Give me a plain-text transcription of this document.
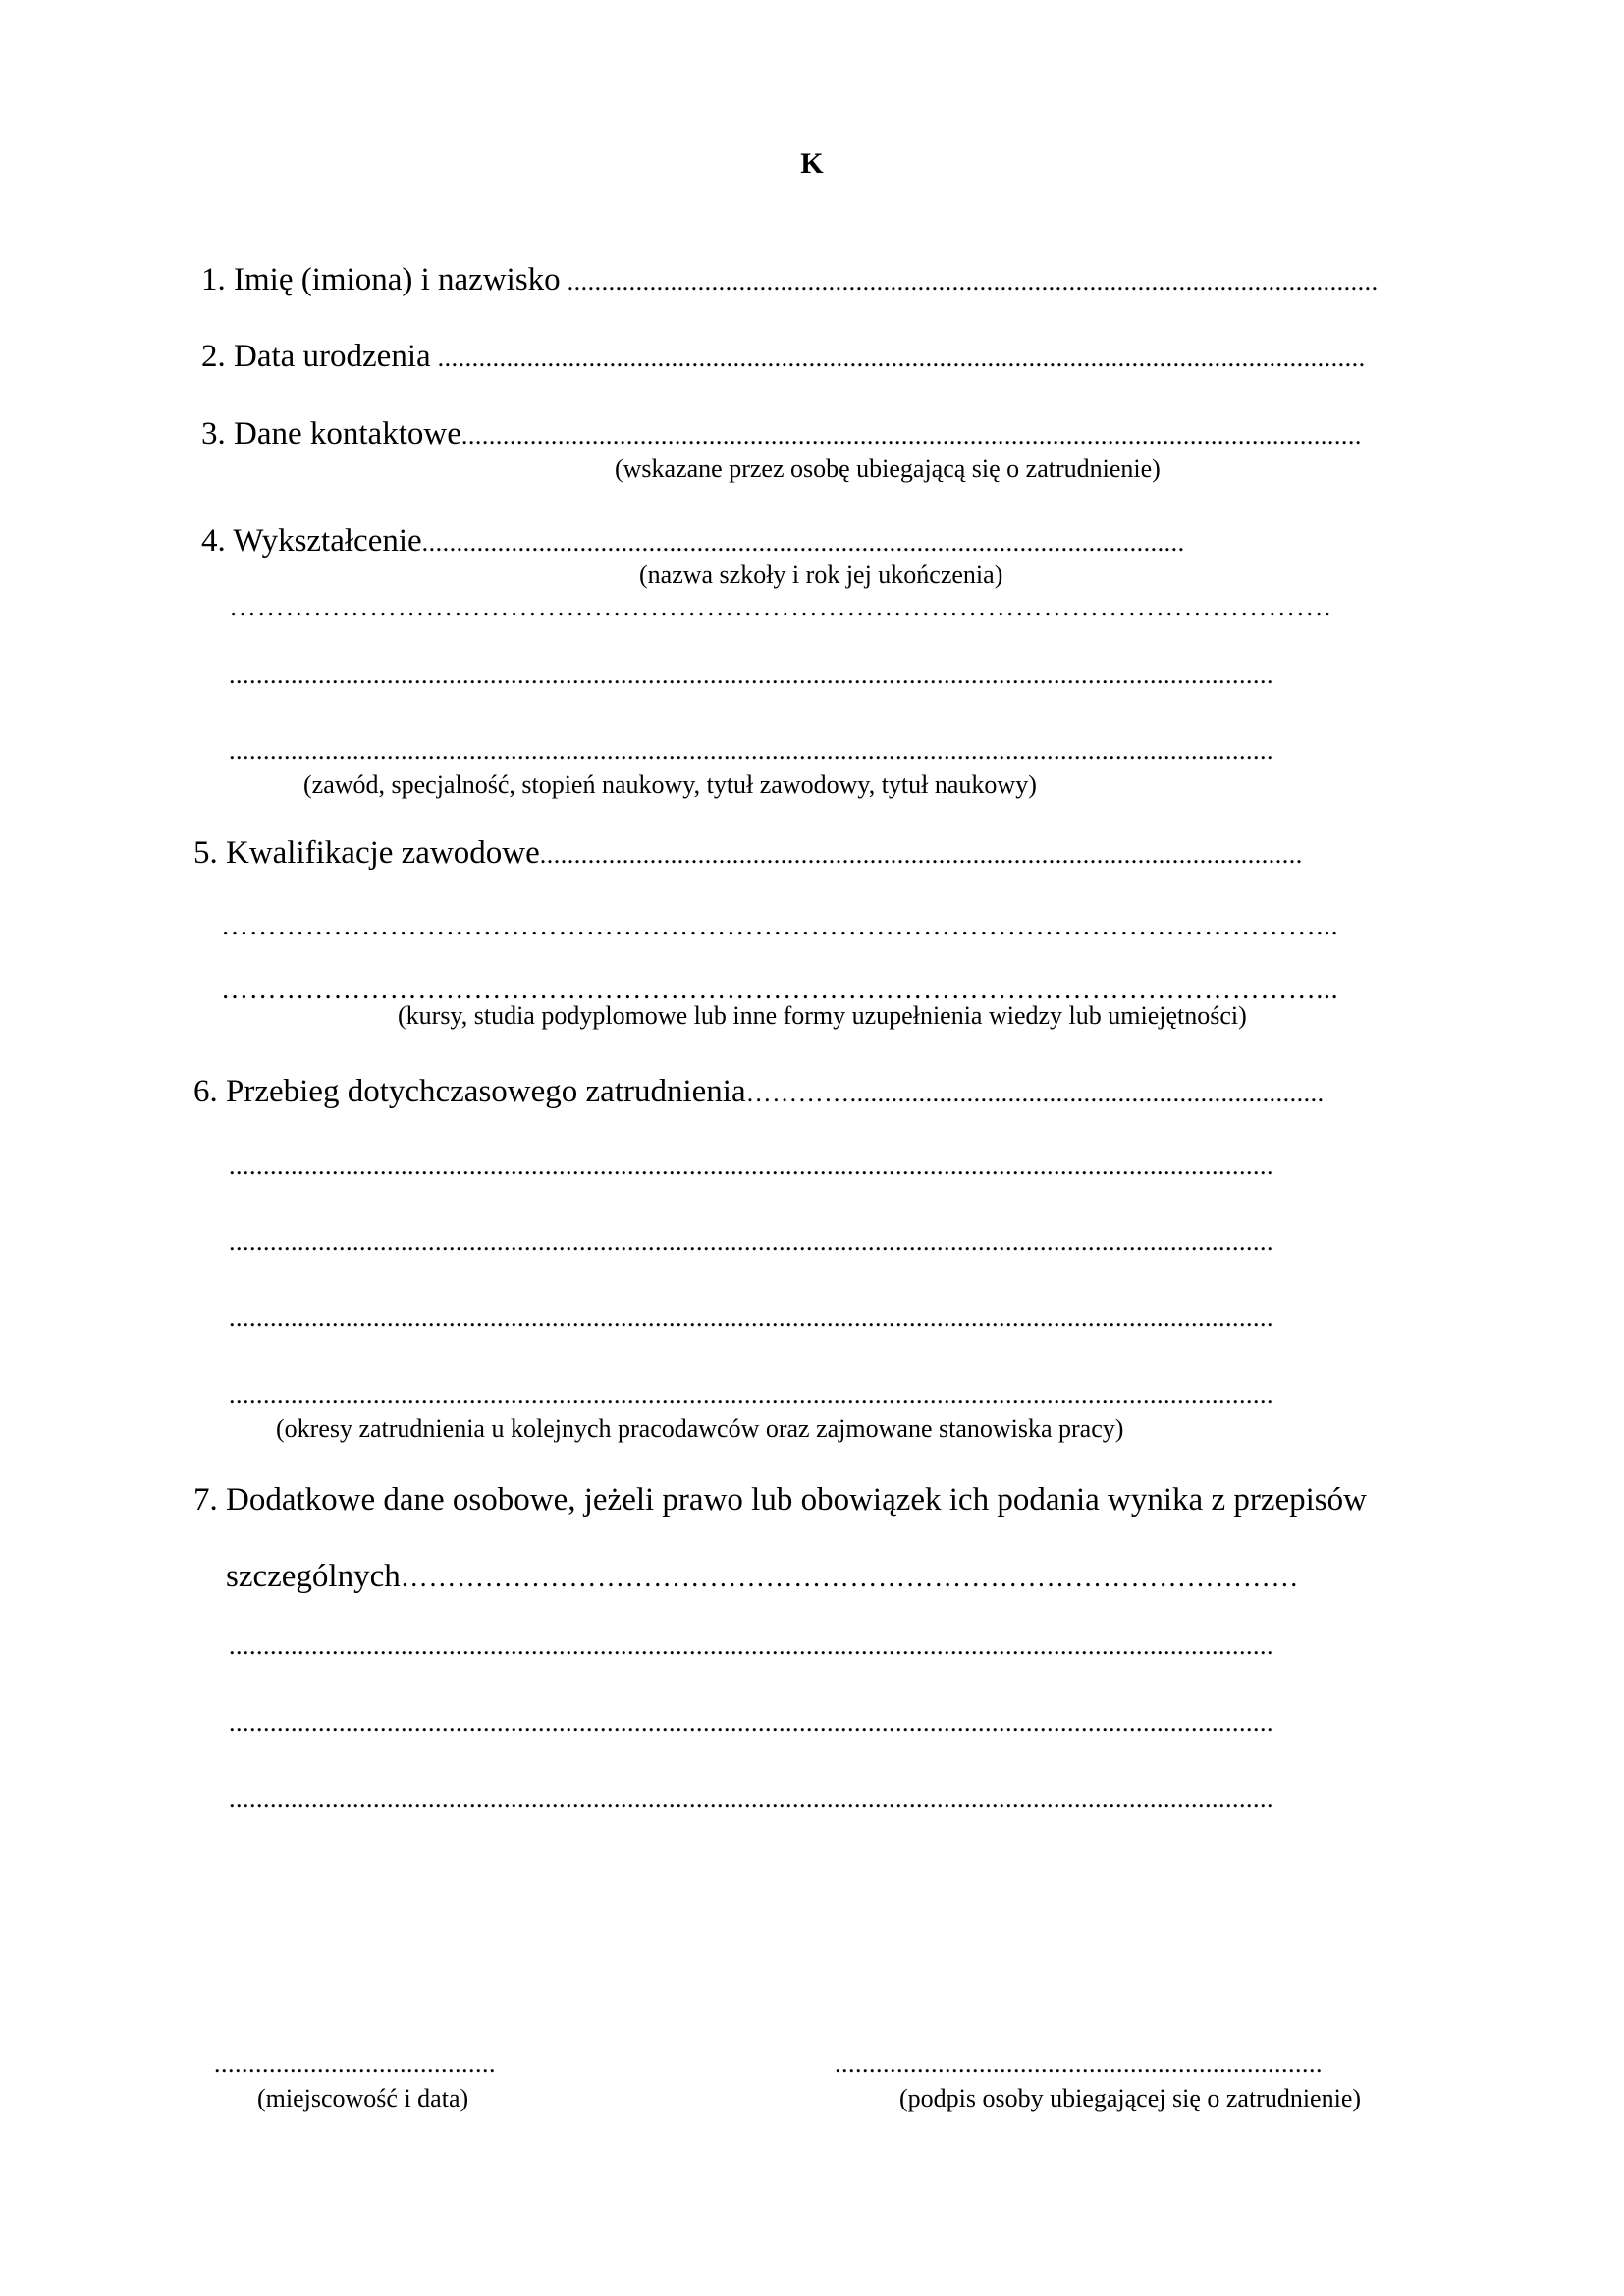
K
1. Imię (imiona) i nazwisko ......................................................................................................................
2. Data urodzenia .......................................................................................................................................
3. Dane kontaktowe...................................................................................................................................
(wskazane przez osobę ubiegającą się o zatrudnienie)
4. Wykształcenie...............................................................................................................
(nazwa szkoły i rok jej ukończenia)
……………………………………………………………………………………………………….
........................................................................................................................................................
........................................................................................................................................................
(zawód, specjalność, stopień naukowy, tytuł zawodowy, tytuł naukowy)
5. Kwalifikacje zawodowe...............................................................................................................
………………………………………………………………………………………………………...
………………………………………………………………………………………………………...
(kursy, studia podyplomowe lub inne formy uzupełnienia wiedzy lub umiejętności)
6. Przebieg dotychczasowego zatrudnienia………….....................................................................
........................................................................................................................................................
........................................................................................................................................................
........................................................................................................................................................
........................................................................................................................................................
(okresy zatrudnienia u kolejnych pracodawców oraz zajmowane stanowiska pracy)
7. Dodatkowe dane osobowe, jeżeli prawo lub obowiązek ich podania wynika z przepisów
szczególnych……………………………………………………………………………………
........................................................................................................................................................
........................................................................................................................................................
........................................................................................................................................................
.........................................
(miejscowość i data)
.......................................................................
(podpis osoby ubiegającej się o zatrudnienie)
